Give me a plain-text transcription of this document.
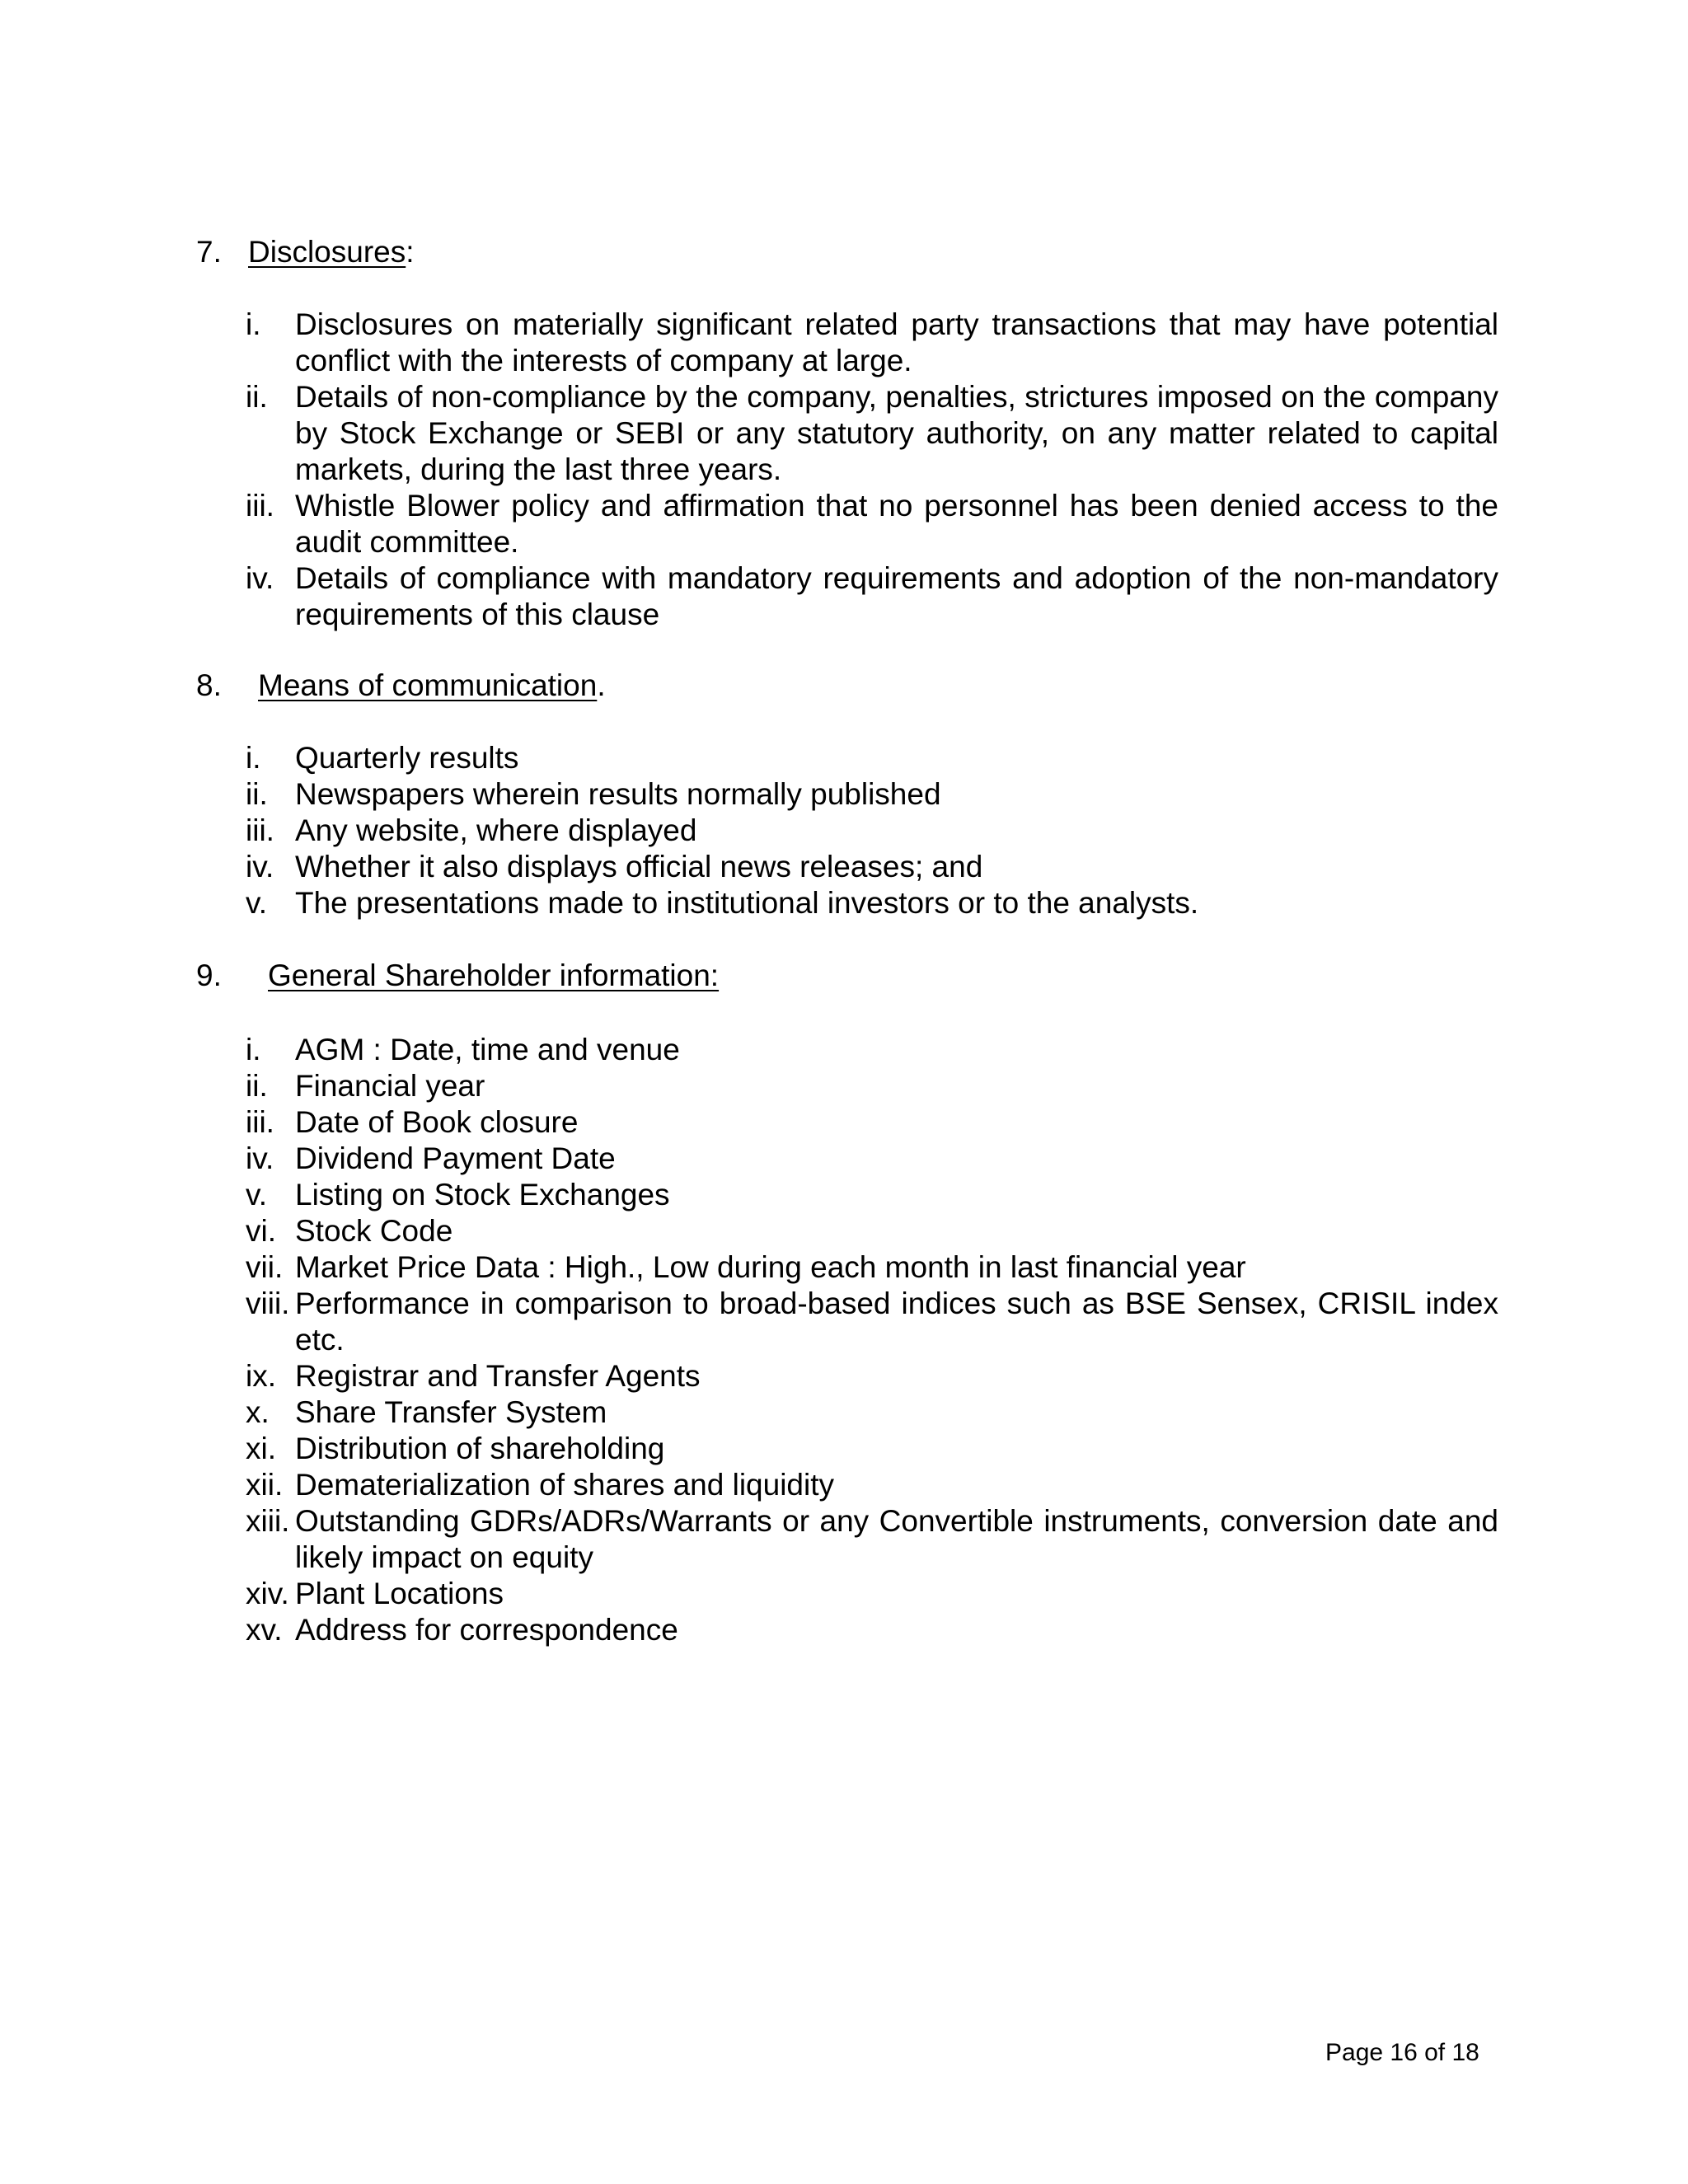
7. Disclosures:
i. Disclosures on materially significant related party transactions that may have potential conflict with the interests of company at large.
ii. Details of non-compliance by the company, penalties, strictures imposed on the company by Stock Exchange or SEBI or any statutory authority, on any matter related to capital markets, during the last three years.
iii. Whistle Blower policy and affirmation that no personnel has been denied access to the audit committee.
iv. Details of compliance with mandatory requirements and adoption of the non-mandatory requirements of this clause
8. Means of communication.
i. Quarterly results
ii. Newspapers wherein results normally published
iii. Any website, where displayed
iv. Whether it also displays official news releases; and
v. The presentations made to institutional investors or to the analysts.
9. General Shareholder information:
i. AGM : Date, time and venue
ii. Financial year
iii. Date of Book closure
iv. Dividend Payment Date
v. Listing on Stock Exchanges
vi. Stock Code
vii. Market Price Data : High., Low during each month in last financial year
viii. Performance in comparison to broad-based indices such as BSE Sensex, CRISIL index etc.
ix. Registrar and Transfer Agents
x. Share Transfer System
xi. Distribution of shareholding
xii. Dematerialization of shares and liquidity
xiii. Outstanding GDRs/ADRs/Warrants or any Convertible instruments, conversion date and likely impact on equity
xiv. Plant Locations
xv. Address for correspondence
Page 16 of 18
